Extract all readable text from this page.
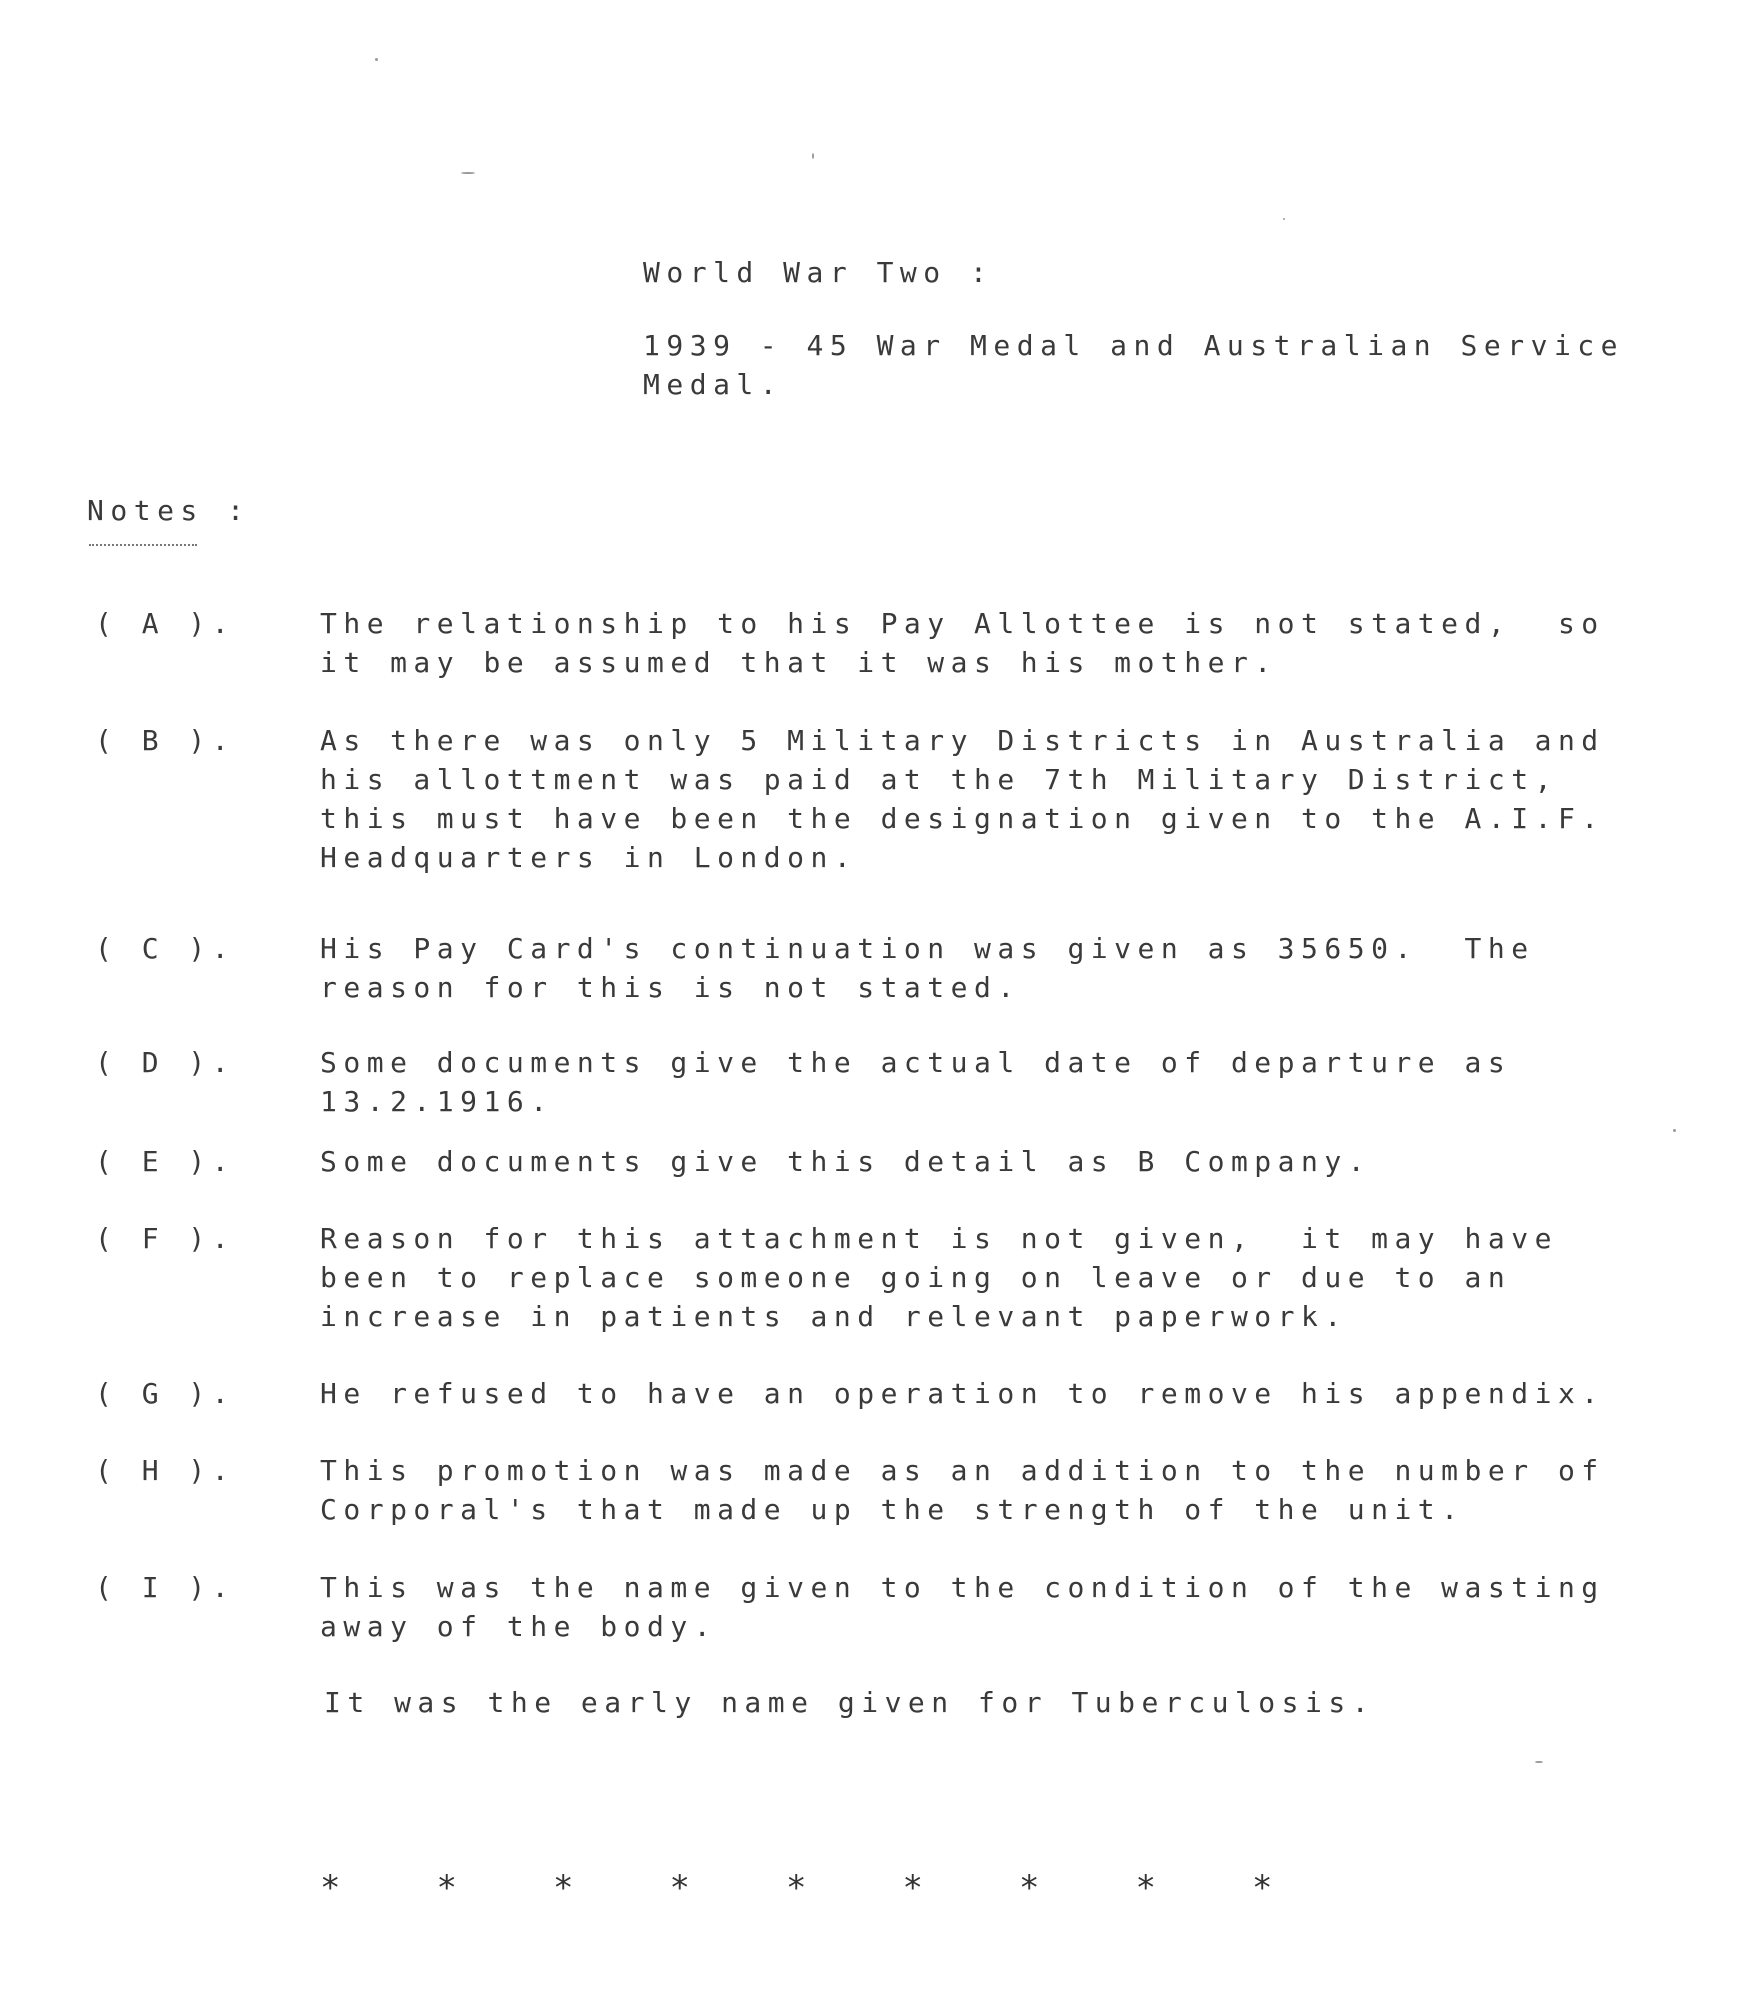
World War Two :
1939 - 45 War Medal and Australian Service
Medal.
Notes :
( A ).	The relationship to his Pay Allottee is not stated,  so
it may be assumed that it was his mother.
( B ).	As there was only 5 Military Districts in Australia and
his allottment was paid at the 7th Military District,
this must have been the designation given to the A.I.F.
Headquarters in London.
( C ).	His Pay Card's continuation was given as 35650.  The
reason for this is not stated.
( D ).	Some documents give the actual date of departure as
13.2.1916.
( E ).	Some documents give this detail as B Company.
( F ).	Reason for this attachment is not given,  it may have
been to replace someone going on leave or due to an
increase in patients and relevant paperwork.
( G ).	He refused to have an operation to remove his appendix.
( H ).	This promotion was made as an addition to the number of
Corporal's that made up the strength of the unit.
( I ).	This was the name given to the condition of the wasting
away of the body.
It was the early name given for Tuberculosis.
*	*	*	*	*	*	*	*	*
